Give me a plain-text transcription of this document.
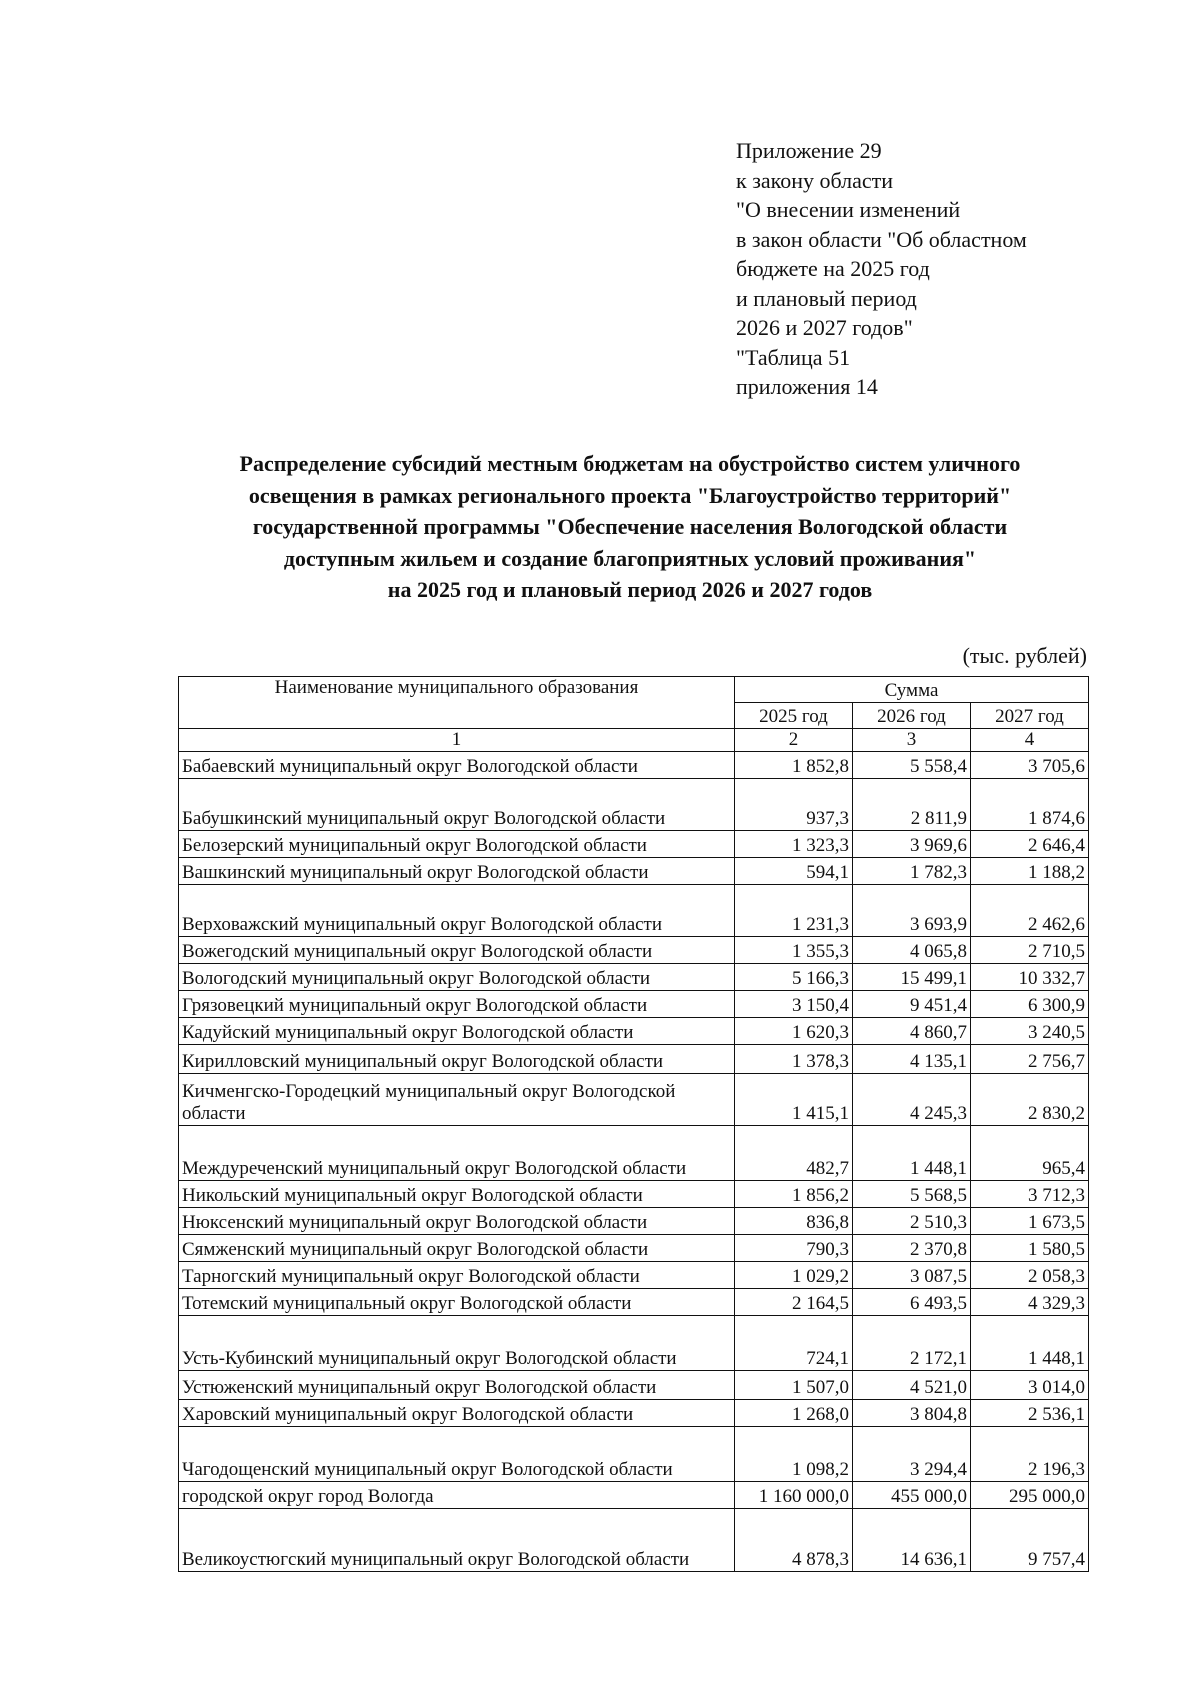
Приложение 29
к закону области
"О внесении изменений
в закон области "Об областном
бюджете на 2025 год
и плановый период
2026 и 2027 годов"
"Таблица 51
приложения 14
Распределение субсидий местным бюджетам на обустройство систем уличного
освещения в рамках регионального проекта "Благоустройство территорий"
государственной программы "Обеспечение населения Вологодской области
доступным жильем и создание благоприятных условий проживания"
на 2025 год и плановый период 2026 и 2027 годов
(тыс. рублей)
Наименование муниципального образования	Сумма		
	2025 год	2026 год	2027 год
1	2	3	4
Бабаевский муниципальный округ Вологодской области	1 852,8	5 558,4	3 705,6
Бабушкинский муниципальный округ Вологодской области	937,3	2 811,9	1 874,6
Белозерский муниципальный округ Вологодской области	1 323,3	3 969,6	2 646,4
Вашкинский муниципальный округ Вологодской области	594,1	1 782,3	1 188,2
Верховажский муниципальный округ Вологодской области	1 231,3	3 693,9	2 462,6
Вожегодский муниципальный округ Вологодской области	1 355,3	4 065,8	2 710,5
Вологодский муниципальный округ Вологодской области	5 166,3	15 499,1	10 332,7
Грязовецкий муниципальный округ Вологодской области	3 150,4	9 451,4	6 300,9
Кадуйский муниципальный округ Вологодской области	1 620,3	4 860,7	3 240,5
Кирилловский муниципальный округ Вологодской области	1 378,3	4 135,1	2 756,7
Кичменгско-Городецкий муниципальный округ Вологодской области	1 415,1	4 245,3	2 830,2
Междуреченский муниципальный округ Вологодской области	482,7	1 448,1	965,4
Никольский муниципальный округ Вологодской области	1 856,2	5 568,5	3 712,3
Нюксенский муниципальный округ Вологодской области	836,8	2 510,3	1 673,5
Сямженский муниципальный округ Вологодской области	790,3	2 370,8	1 580,5
Тарногский муниципальный округ Вологодской области	1 029,2	3 087,5	2 058,3
Тотемский муниципальный округ Вологодской области	2 164,5	6 493,5	4 329,3
Усть-Кубинский муниципальный округ Вологодской области	724,1	2 172,1	1 448,1
Устюженский муниципальный округ Вологодской области	1 507,0	4 521,0	3 014,0
Харовский муниципальный округ Вологодской области	1 268,0	3 804,8	2 536,1
Чагодощенский муниципальный округ Вологодской области	1 098,2	3 294,4	2 196,3
городской округ город Вологда	1 160 000,0	455 000,0	295 000,0
Великоустюгский муниципальный округ Вологодской области	4 878,3	14 636,1	9 757,4
